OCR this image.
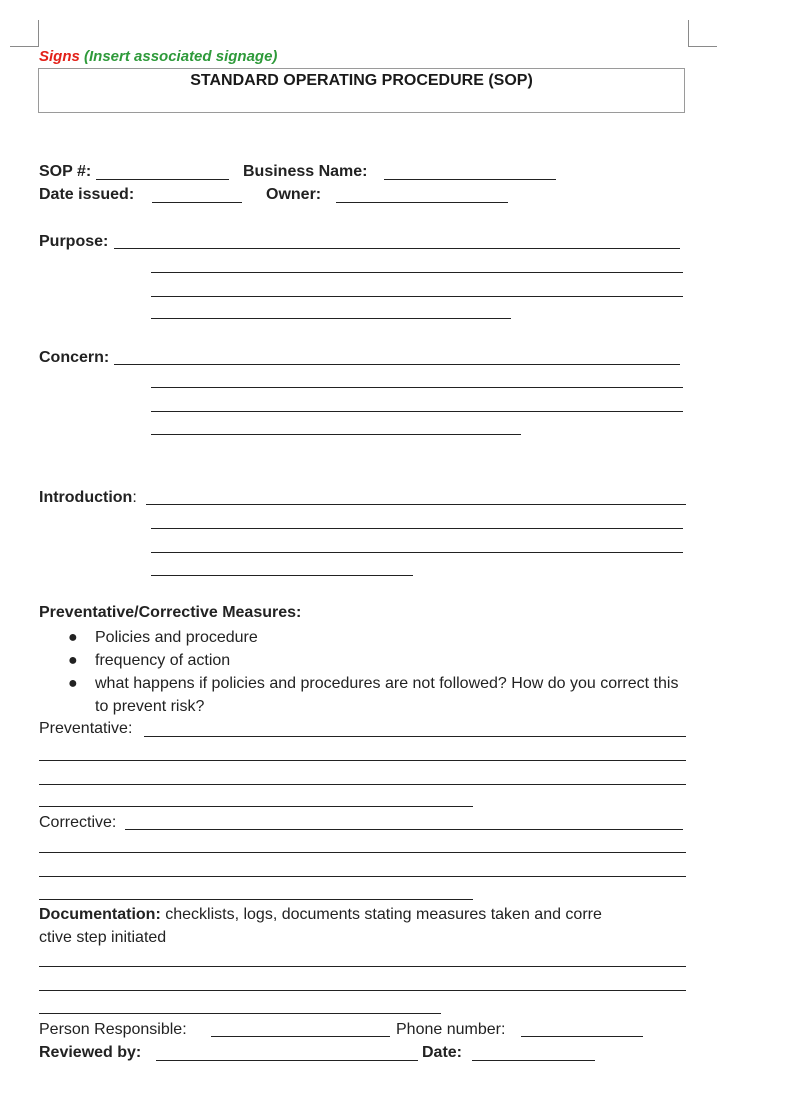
Signs (Insert associated signage)
STANDARD OPERATING PROCEDURE (SOP)
SOP #:	Business Name:
Date issued:	Owner:
Purpose:
Concern:
Introduction:
Preventative/Corrective Measures:
● Policies and procedure
● frequency of action
● what happens if policies and procedures are not followed? How do you correct this to prevent risk?
Preventative:
Corrective:
Documentation: checklists, logs, documents stating measures taken and corre
ctive step initiated
Person Responsible:	Phone number:
Reviewed by:	Date:
